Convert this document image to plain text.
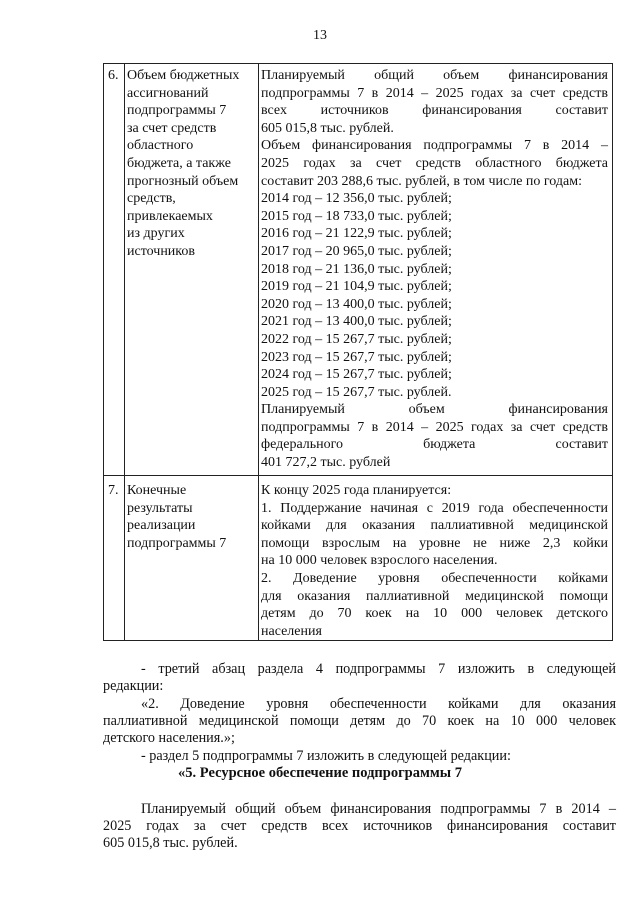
13
6. Объем бюджетных
ассигнований
подпрограммы 7
за счет средств
областного
бюджета, а также
прогнозный объем
средств,
привлекаемых
из других
источников
Планируемый общий объем финансирования
подпрограммы 7 в 2014 – 2025 годах за счет средств
всех источников финансирования составит
605 015,8 тыс. рублей.
Объем финансирования подпрограммы 7 в 2014 –
2025 годах за счет средств областного бюджета
составит 203 288,6 тыс. рублей, в том числе по годам:
2014 год – 12 356,0 тыс. рублей;
2015 год – 18 733,0 тыс. рублей;
2016 год – 21 122,9 тыс. рублей;
2017 год – 20 965,0 тыс. рублей;
2018 год – 21 136,0 тыс. рублей;
2019 год – 21 104,9 тыс. рублей;
2020 год – 13 400,0 тыс. рублей;
2021 год – 13 400,0 тыс. рублей;
2022 год – 15 267,7 тыс. рублей;
2023 год – 15 267,7 тыс. рублей;
2024 год – 15 267,7 тыс. рублей;
2025 год – 15 267,7 тыс. рублей.
Планируемый объем финансирования
подпрограммы 7 в 2014 – 2025 годах за счет средств
федерального бюджета составит
401 727,2 тыс. рублей
7. Конечные
результаты
реализации
подпрограммы 7
К концу 2025 года планируется:
1. Поддержание начиная с 2019 года обеспеченности
койками для оказания паллиативной медицинской
помощи взрослым на уровне не ниже 2,3 койки
на 10 000 человек взрослого населения.
2. Доведение уровня обеспеченности койками
для оказания паллиативной медицинской помощи
детям до 70 коек на 10 000 человек детского
населения
- третий абзац раздела 4 подпрограммы 7 изложить в следующей
редакции:
«2. Доведение уровня обеспеченности койками для оказания
паллиативной медицинской помощи детям до 70 коек на 10 000 человек
детского населения.»;
- раздел 5 подпрограммы 7 изложить в следующей редакции:
«5. Ресурсное обеспечение подпрограммы 7
Планируемый общий объем финансирования подпрограммы 7 в 2014 –
2025 годах за счет средств всех источников финансирования составит
605 015,8 тыс. рублей.
